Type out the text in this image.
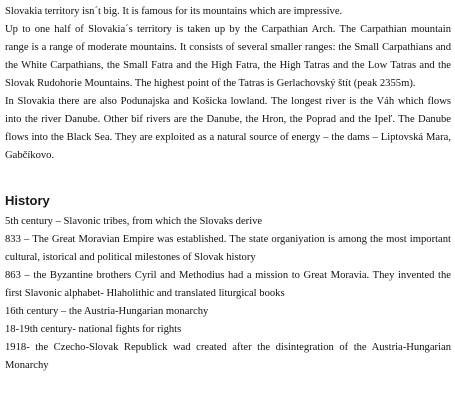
Slovakia territory isn´t big. It is famous for its mountains which are impressive.

Up to one half of Slovakia´s territory is taken up by the Carpathian Arch. The Carpathian mountain range is a range of moderate mountains. It consists of several smaller ranges: the Small Carpathians and the White Carpathians, the Small Fatra and the High Fatra, the High Tatras and the Low Tatras and the Slovak Rudohorie Mountains. The highest point of the Tatras is Gerlachovský štít (peak 2355m).

In Slovakia there are also Podunajska and Košicka lowland. The longest river is the Váh which flows into the river Danube. Other bif rivers are the Danube, the Hron, the Poprad and the Ipeľ. The Danube flows into the Black Sea. They are exploited as a natural source of energy – the dams – Liptovská Mara, Gabčíkovo.

History

5th century – Slavonic tribes, from which the Slovaks derive

833 – The Great Moravian Empire was established. The state organiyation is among the most important cultural, istorical and political milestones of Slovak history

863 – the Byzantine brothers Cyril and Methodius had a mission to Great Moravia. They invented the first Slavonic alphabet- Hlaholithic and translated liturgical books

16th century – the Austria-Hungarian monarchy

18-19th century- national fights for rights

1918- the Czecho-Slovak Republick wad created after the disintegration of the Austria-Hungarian Monarchy
